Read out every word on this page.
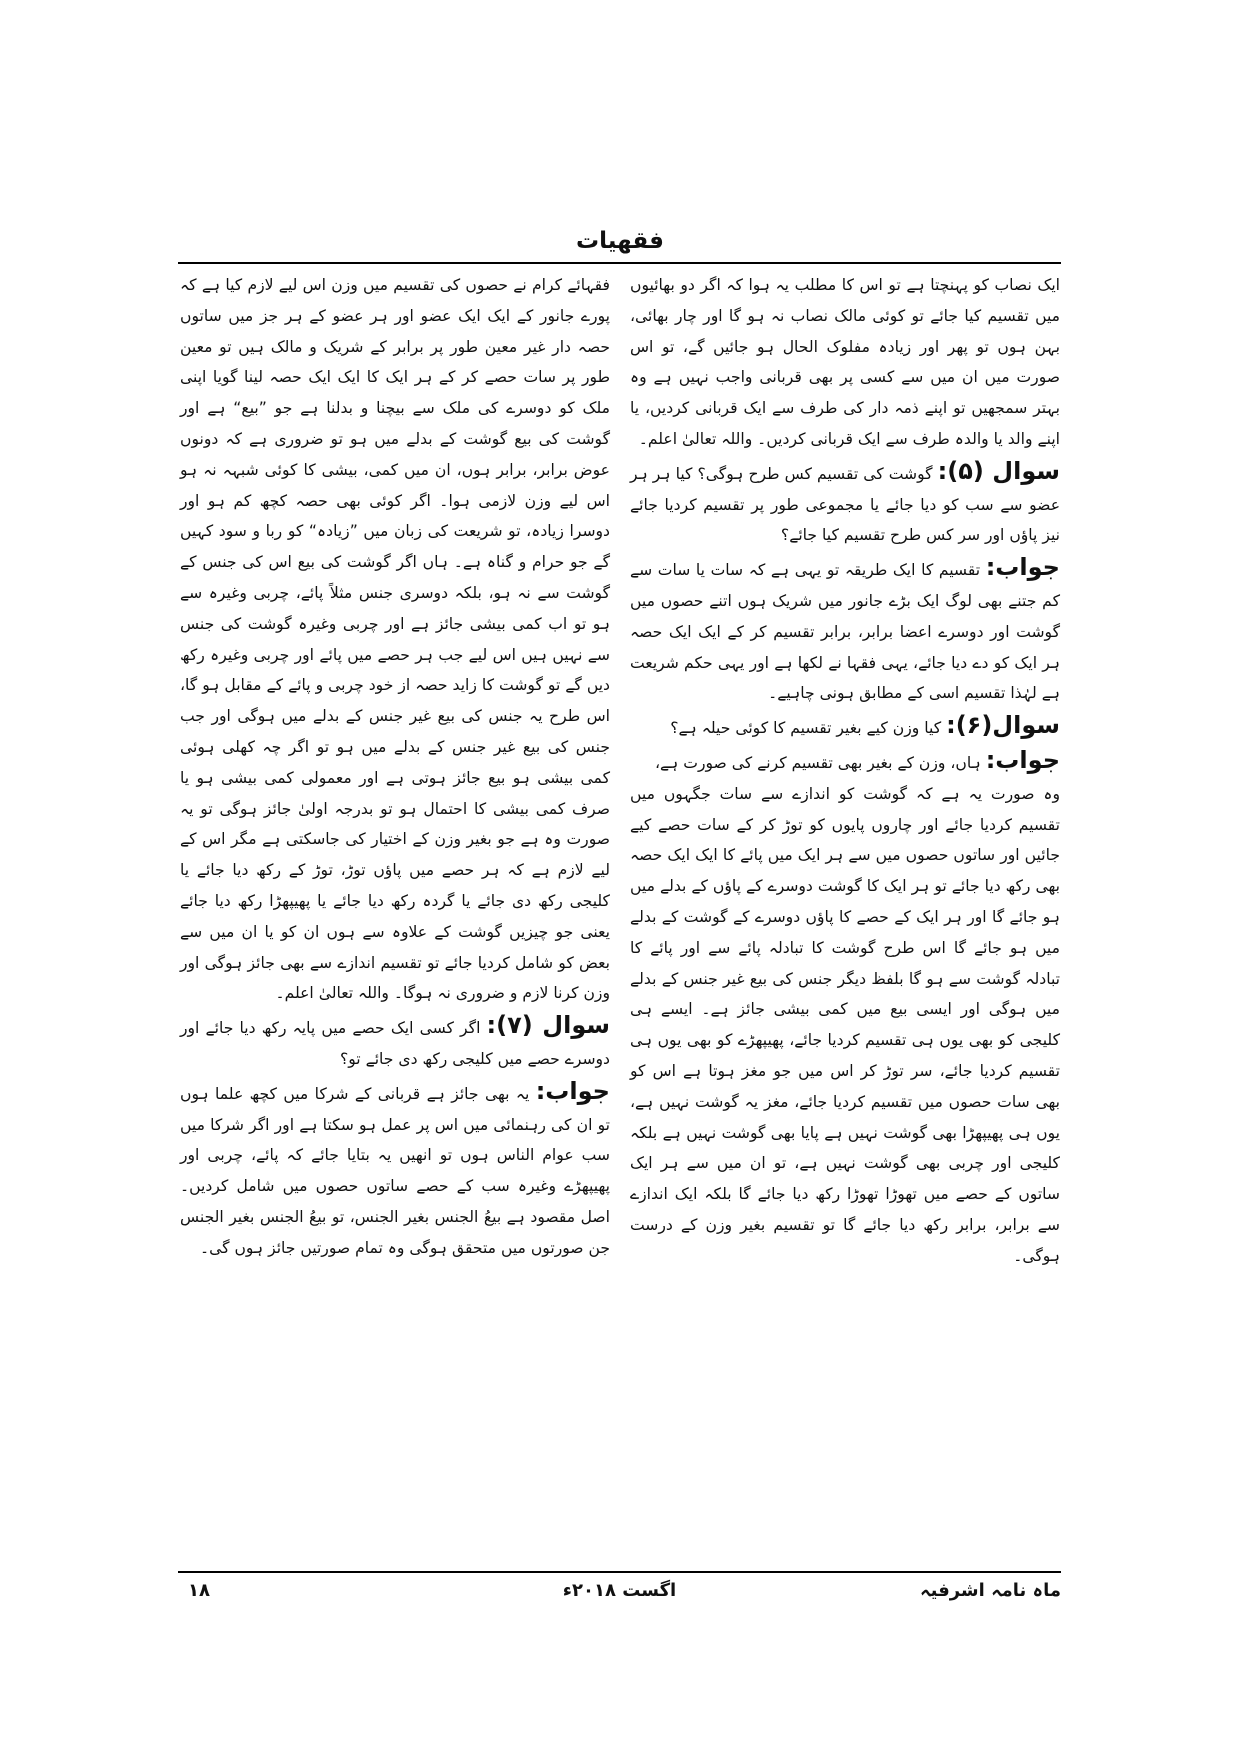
فقهيات

ایک نصاب کو پہنچتا ہے تو اس کا مطلب یہ ہوا کہ اگر دو بھائیوں میں تقسیم کیا جائے تو کوئی مالک نصاب نہ ہو گا اور چار بھائی، بہن ہوں تو پھر اور زیادہ مفلوک الحال ہو جائیں گے، تو اس صورت میں ان میں سے کسی پر بھی قربانی واجب نہیں ہے وہ بہتر سمجھیں تو اپنے ذمہ دار کی طرف سے ایک قربانی کردیں، یا اپنے والد یا والدہ طرف سے ایک قربانی کردیں۔ واللہ تعالیٰ اعلم۔

سوال (۵): گوشت کی تقسیم کس طرح ہوگی؟ کیا ہر ہر عضو سے سب کو دیا جائے یا مجموعی طور پر تقسیم کردیا جائے نیز پاؤں اور سر کس طرح تقسیم کیا جائے؟

جواب: تقسیم کا ایک طریقہ تو یہی ہے کہ سات یا سات سے کم جتنے بھی لوگ ایک بڑے جانور میں شریک ہوں اتنے حصوں میں گوشت اور دوسرے اعضا برابر، برابر تقسیم کر کے ایک ایک حصہ ہر ایک کو دے دیا جائے، یہی فقہا نے لکھا ہے اور یہی حکم شریعت ہے لہٰذا تقسیم اسی کے مطابق ہونی چاہیے۔

سوال(۶): کیا وزن کیے بغیر تقسیم کا کوئی حیلہ ہے؟

جواب: ہاں، وزن کے بغیر بھی تقسیم کرنے کی صورت ہے،

وہ صورت یہ ہے کہ گوشت کو اندازے سے سات جگہوں میں تقسیم کردیا جائے اور چاروں پایوں کو توڑ کر کے سات حصے کیے جائیں اور ساتوں حصوں میں سے ہر ایک میں پائے کا ایک ایک حصہ بھی رکھ دیا جائے تو ہر ایک کا گوشت دوسرے کے پاؤں کے بدلے میں ہو جائے گا اور ہر ایک کے حصے کا پاؤں دوسرے کے گوشت کے بدلے میں ہو جائے گا اس طرح گوشت کا تبادلہ پائے سے اور پائے کا تبادلہ گوشت سے ہو گا بلفظ دیگر جنس کی بیع غیر جنس کے بدلے میں ہوگی اور ایسی بیع میں کمی بیشی جائز ہے۔ ایسے ہی کلیجی کو بھی یوں ہی تقسیم کردیا جائے، پھیپھڑے کو بھی یوں ہی تقسیم کردیا جائے، سر توڑ کر اس میں جو مغز ہوتا ہے اس کو بھی سات حصوں میں تقسیم کردیا جائے، مغز یہ گوشت نہیں ہے، یوں ہی پھیپھڑا بھی گوشت نہیں ہے پایا بھی گوشت نہیں ہے بلکہ کلیجی اور چربی بھی گوشت نہیں ہے، تو ان میں سے ہر ایک ساتوں کے حصے میں تھوڑا تھوڑا رکھ دیا جائے گا بلکہ ایک اندازے سے برابر، برابر رکھ دیا جائے گا تو تقسیم بغیر وزن کے درست ہوگی۔

فقہائے کرام نے حصوں کی تقسیم میں وزن اس لیے لازم کیا ہے کہ پورے جانور کے ایک ایک عضو اور ہر عضو کے ہر جز میں ساتوں حصہ دار غیر معین طور پر برابر کے شریک و مالک ہیں تو معین طور پر سات حصے کر کے ہر ایک کا ایک ایک حصہ لینا گویا اپنی ملک کو دوسرے کی ملک سے بیچنا و بدلنا ہے جو ”بیع“ ہے اور گوشت کی بیع گوشت کے بدلے میں ہو تو ضروری ہے کہ دونوں عوض برابر، برابر ہوں، ان میں کمی، بیشی کا کوئی شبہہ نہ ہو اس لیے وزن لازمی ہوا۔ اگر کوئی بھی حصہ کچھ کم ہو اور دوسرا زیادہ، تو شریعت کی زبان میں ”زیادہ“ کو ربا و سود کہیں گے جو حرام و گناہ ہے۔ ہاں اگر گوشت کی بیع اس کی جنس کے گوشت سے نہ ہو، بلکہ دوسری جنس مثلاً پائے، چربی وغیرہ سے ہو تو اب کمی بیشی جائز ہے اور چربی وغیرہ گوشت کی جنس سے نہیں ہیں اس لیے جب ہر حصے میں پائے اور چربی وغیرہ رکھ دیں گے تو گوشت کا زاید حصہ از خود چربی و پائے کے مقابل ہو گا، اس طرح یہ جنس کی بیع غیر جنس کے بدلے میں ہوگی اور جب جنس کی بیع غیر جنس کے بدلے میں ہو تو اگر چہ کھلی ہوئی کمی بیشی ہو بیع جائز ہوتی ہے اور معمولی کمی بیشی ہو یا صرف کمی بیشی کا احتمال ہو تو بدرجہ اولیٰ جائز ہوگی تو یہ صورت وہ ہے جو بغیر وزن کے اختیار کی جاسکتی ہے مگر اس کے لیے لازم ہے کہ ہر حصے میں پاؤں توڑ، توڑ کے رکھ دیا جائے یا کلیجی رکھ دی جائے یا گردہ رکھ دیا جائے یا پھیپھڑا رکھ دیا جائے یعنی جو چیزیں گوشت کے علاوہ سے ہوں ان کو یا ان میں سے بعض کو شامل کردیا جائے تو تقسیم اندازے سے بھی جائز ہوگی اور وزن کرنا لازم و ضروری نہ ہوگا۔ واللہ تعالیٰ اعلم۔

سوال (۷): اگر کسی ایک حصے میں پایہ رکھ دیا جائے اور دوسرے حصے میں کلیجی رکھ دی جائے تو؟

جواب: یہ بھی جائز ہے قربانی کے شرکا میں کچھ علما ہوں تو ان کی رہنمائی میں اس پر عمل ہو سکتا ہے اور اگر شرکا میں سب عوام الناس ہوں تو انھیں یہ بتایا جائے کہ پائے، چربی اور پھیپھڑے وغیرہ سب کے حصے ساتوں حصوں میں شامل کردیں۔ اصل مقصود ہے بیعُ الجنس بغیر الجنس، تو بیعُ الجنس بغیر الجنس جن صورتوں میں متحقق ہوگی وہ تمام صورتیں جائز ہوں گی۔

ماہ نامہ اشرفیہ
اگست ۲۰۱۸ء
۱۸
